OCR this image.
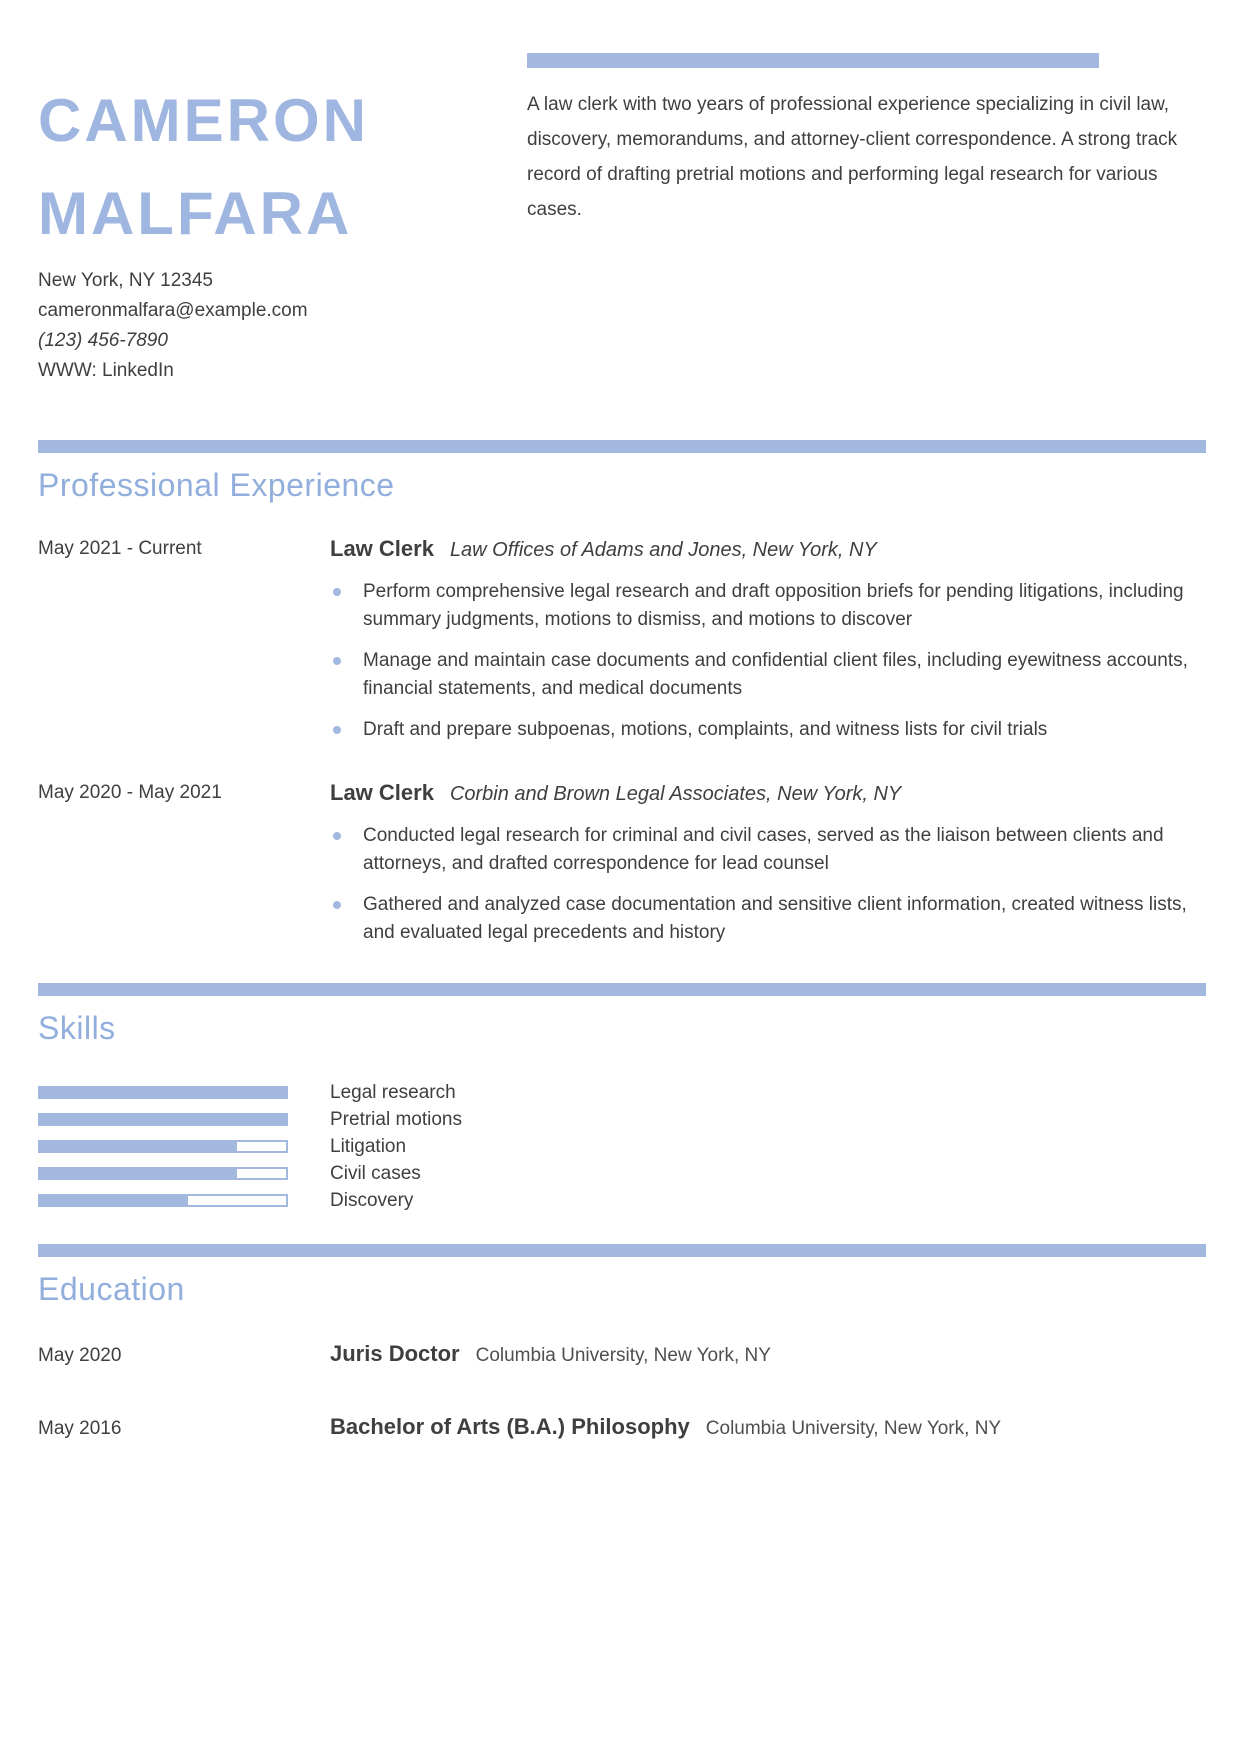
CAMERON
MALFARA
New York, NY 12345
cameronmalfara@example.com
(123) 456-7890
WWW: LinkedIn

A law clerk with two years of professional experience specializing in civil law, discovery, memorandums, and attorney-client correspondence. A strong track record of drafting pretrial motions and performing legal research for various cases.

Professional Experience
May 2021 - Current	Law Clerk Law Offices of Adams and Jones, New York, NY
Perform comprehensive legal research and draft opposition briefs for pending litigations, including summary judgments, motions to dismiss, and motions to discover
Manage and maintain case documents and confidential client files, including eyewitness accounts, financial statements, and medical documents
Draft and prepare subpoenas, motions, complaints, and witness lists for civil trials
May 2020 - May 2021	Law Clerk Corbin and Brown Legal Associates, New York, NY
Conducted legal research for criminal and civil cases, served as the liaison between clients and attorneys, and drafted correspondence for lead counsel
Gathered and analyzed case documentation and sensitive client information, created witness lists, and evaluated legal precedents and history
Skills
Legal research
Pretrial motions
Litigation
Civil cases
Discovery
Education
May 2020	Juris Doctor Columbia University, New York, NY
May 2016	Bachelor of Arts (B.A.) Philosophy Columbia University, New York, NY
